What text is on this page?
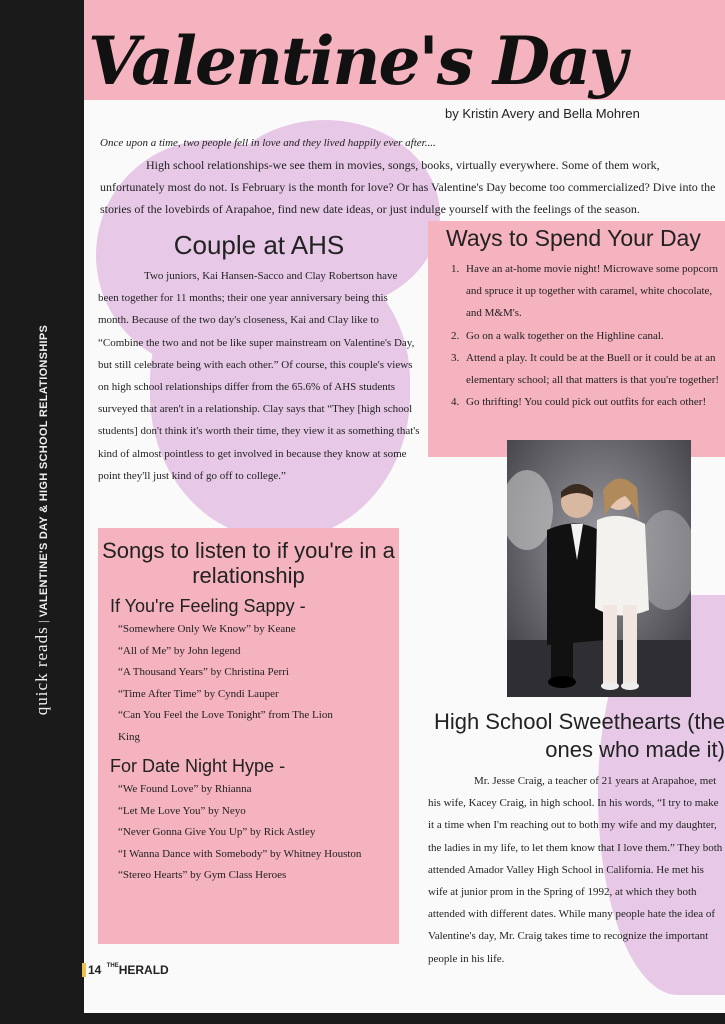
quick reads | VALENTINE'S DAY & HIGH SCHOOL RELATIONSHIPS
Valentine's Day
by Kristin Avery and Bella Mohren

Once upon a time, two people fell in love and they lived happily ever after....

High school relationships-we see them in movies, songs, books, virtually everywhere. Some of them work, unfortunately most do not. Is February is the month for love? Or has Valentine's Day become too commercialized? Dive into the stories of the lovebirds of Arapahoe, find new date ideas, or just indulge yourself with the feelings of the season.

Couple at AHS

Two juniors, Kai Hansen-Sacco and Clay Robertson have been together for 11 months; their one year anniversary being this month. Because of the two day's closeness, Kai and Clay like to “Combine the two and not be like super mainstream on Valentine's Day, but still celebrate being with each other.” Of course, this couple's views on high school relationships differ from the 65.6% of AHS students surveyed that aren't in a relationship. Clay says that “They [high school students] don't think it's worth their time, they view it as something that's kind of almost pointless to get involved in because they know at some point they'll just kind of go off to college.”

Ways to Spend Your Day
1. Have an at-home movie night! Microwave some popcorn and spruce it up together with caramel, white chocolate, and M&M's.
2. Go on a walk together on the Highline canal.
3. Attend a play. It could be at the Buell or it could be at an elementary school; all that matters is that you're together!
4. Go thrifting! You could pick out outfits for each other!
Songs to listen to if you're in a relationship
If You're Feeling Sappy -
“Somewhere Only We Know” by Keane
“All of Me” by John legend
“A Thousand Years” by Christina Perri
“Time After Time” by Cyndi Lauper
“Can You Feel the Love Tonight” from The Lion King
For Date Night Hype -
“We Found Love” by Rhianna
“Let Me Love You” by Neyo
“Never Gonna Give You Up” by Rick Astley
“I Wanna Dance with Somebody” by Whitney Houston
“Stereo Hearts” by Gym Class Heroes
High School Sweethearts (the ones who made it)

Mr. Jesse Craig, a teacher of 21 years at Arapahoe, met his wife, Kacey Craig, in high school. In his words, “I try to make it a time when I'm reaching out to both my wife and my daughter, the ladies in my life, to let them know that I love them.” They both attended Amador Valley High School in California. He met his wife at junior prom in the Spring of 1992, at which they both attended with different dates. While many people hate the idea of Valentine's day, Mr. Craig takes time to recognize the important people in his life.

14 $^{THE}$HERALD
